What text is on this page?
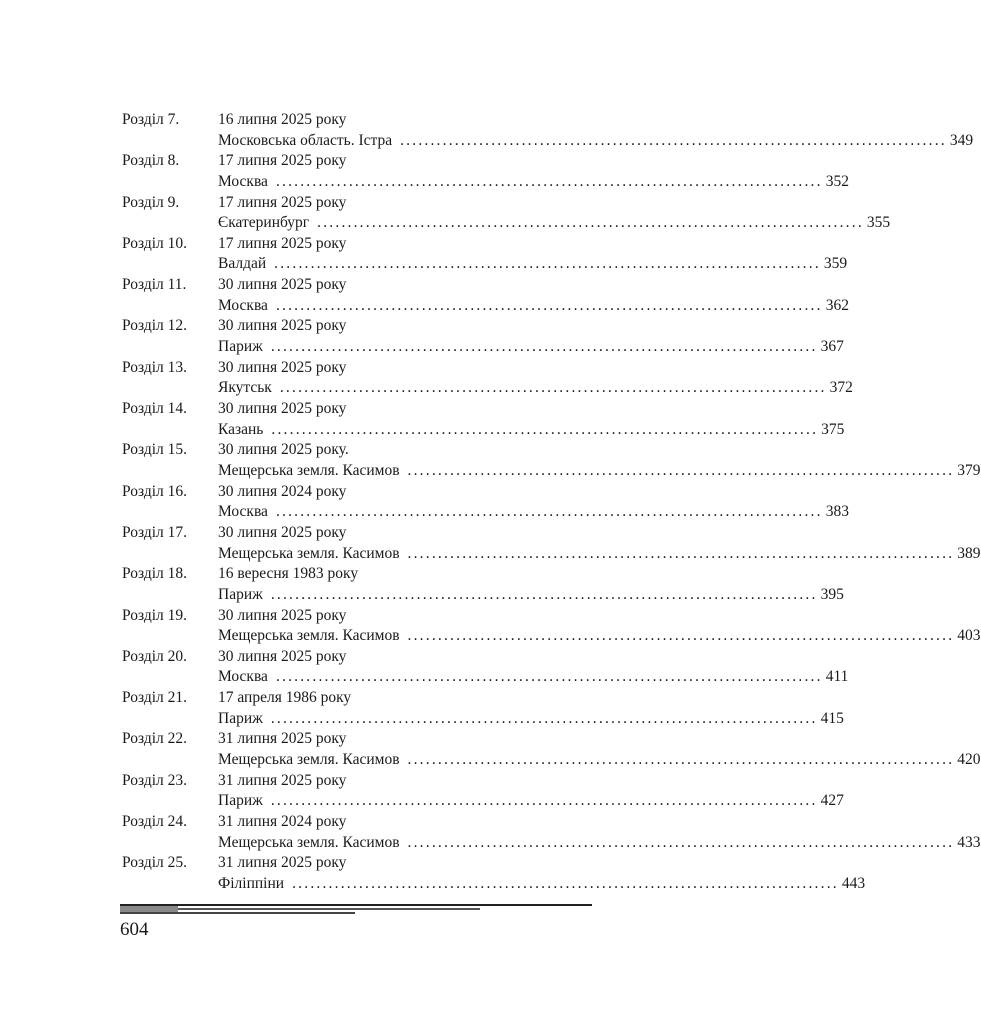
Розділ 7. 16 липня 2025 року
Московська область. Істра .......................................................................................... 349
Розділ 8. 17 липня 2025 року
Москва .......................................................................................... 352
Розділ 9. 17 липня 2025 року
Єкатеринбург .......................................................................................... 355
Розділ 10. 17 липня 2025 року
Валдай .......................................................................................... 359
Розділ 11. 30 липня 2025 року
Москва .......................................................................................... 362
Розділ 12. 30 липня 2025 року
Париж .......................................................................................... 367
Розділ 13. 30 липня 2025 року
Якутськ .......................................................................................... 372
Розділ 14. 30 липня 2025 року
Казань .......................................................................................... 375
Розділ 15. 30 липня 2025 року.
Мещерська земля. Касимов .......................................................................................... 379
Розділ 16. 30 липня 2024 року
Москва .......................................................................................... 383
Розділ 17. 30 липня 2025 року
Мещерська земля. Касимов .......................................................................................... 389
Розділ 18. 16 вересня 1983 року
Париж .......................................................................................... 395
Розділ 19. 30 липня 2025 року
Мещерська земля. Касимов .......................................................................................... 403
Розділ 20. 30 липня 2025 року
Москва .......................................................................................... 411
Розділ 21. 17 апреля 1986 року
Париж .......................................................................................... 415
Розділ 22. 31 липня 2025 року
Мещерська земля. Касимов .......................................................................................... 420
Розділ 23. 31 липня 2025 року
Париж .......................................................................................... 427
Розділ 24. 31 липня 2024 року
Мещерська земля. Касимов .......................................................................................... 433
Розділ 25. 31 липня 2025 року
Філіппіни .......................................................................................... 443
604
